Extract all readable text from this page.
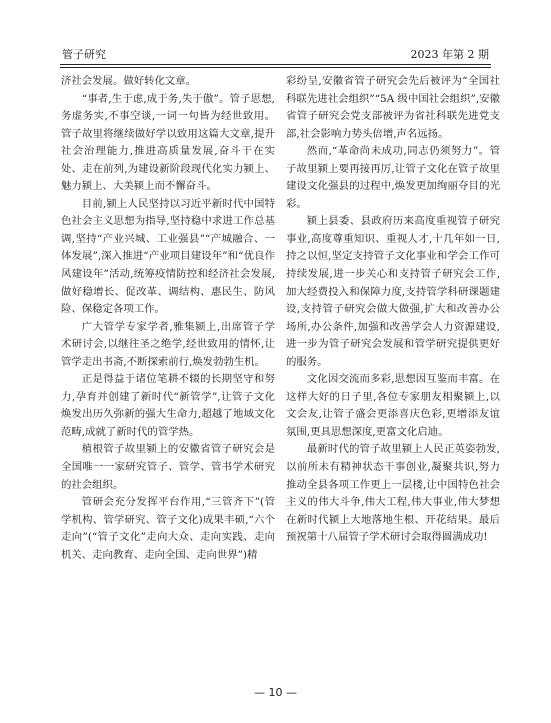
管子研究	2023 年第 2 期

济社会发展。做好转化文章。

“事者,生于虑,成于务,失于傲”。管子思想,务虚务实,不事空谈,一词一句皆为经世致用。管子故里将继续做好学以致用这篇大文章,提升社会治理能力,推进高质量发展,奋斗干在实处、走在前列,为建设新阶段现代化实力颍上、魅力颍上、大美颍上而不懈奋斗。

目前,颍上人民坚持以习近平新时代中国特色社会主义思想为指导,坚持稳中求进工作总基调,坚持“产业兴城、工业强县”“产城融合、一体发展”,深入推进“产业项目建设年”和“优良作风建设年”活动,统筹疫情防控和经济社会发展,做好稳增长、促改革、调结构、惠民生、防风险、保稳定各项工作。

广大管学专家学者,雅集颍上,出席管子学术研讨会,以继往圣之绝学,经世致用的情怀,让管学走出书斋,不断探索前行,焕发勃勃生机。

正是得益于诸位笔耕不辍的长期坚守和努力,孕育并创建了新时代“新管学”,让管子文化焕发出历久弥新的强大生命力,超越了地域文化范畴,成就了新时代的管学热。

植根管子故里颍上的安徽省管子研究会是全国唯一一家研究管子、管学、管书学术研究的社会组织。

管研会充分发挥平台作用,“三管齐下”(管学机构、管学研究、管子文化)成果丰硕,“六个走向”(“管子文化”走向大众、走向实践、走向机关、走向教育、走向全国、走向世界”)精

彩纷呈,安徽省管子研究会先后被评为“全国社科联先进社会组织”“5A 级中国社会组织”,安徽省管子研究会党支部被评为省社科联先进党支部,社会影响力势头倍增,声名远扬。

然而,“革命尚未成功,同志仍须努力”。管子故里颍上要再接再厉,让管子文化在管子故里建设文化强县的过程中,焕发更加绚丽夺目的光彩。

颍上县委、县政府历来高度重视管子研究事业,高度尊重知识、重视人才,十几年如一日,持之以恒,坚定支持管子文化事业和学会工作可持续发展,进一步关心和支持管子研究会工作,加大经费投入和保障力度,支持管学科研课题建设,支持管子研究会做大做强,扩大和改善办公场所,办公条件,加强和改善学会人力资源建设,进一步为管子研究会发展和管学研究提供更好的服务。

文化因交流而多彩,思想因互鉴而丰富。在这样大好的日子里,各位专家朋友相聚颍上,以文会友,让管子盛会更添喜庆色彩,更增添友谊氛围,更具思想深度,更富文化启迪。

最新时代的管子故里颍上人民正英姿勃发,以前所未有精神状态干事创业,凝聚共识,努力推动全县各项工作更上一层楼,让中国特色社会主义的伟大斗争,伟大工程,伟大事业,伟大梦想在新时代颍上大地落地生根、开花结果。最后预祝第十八届管子学术研讨会取得圆满成功!

— 10 —
